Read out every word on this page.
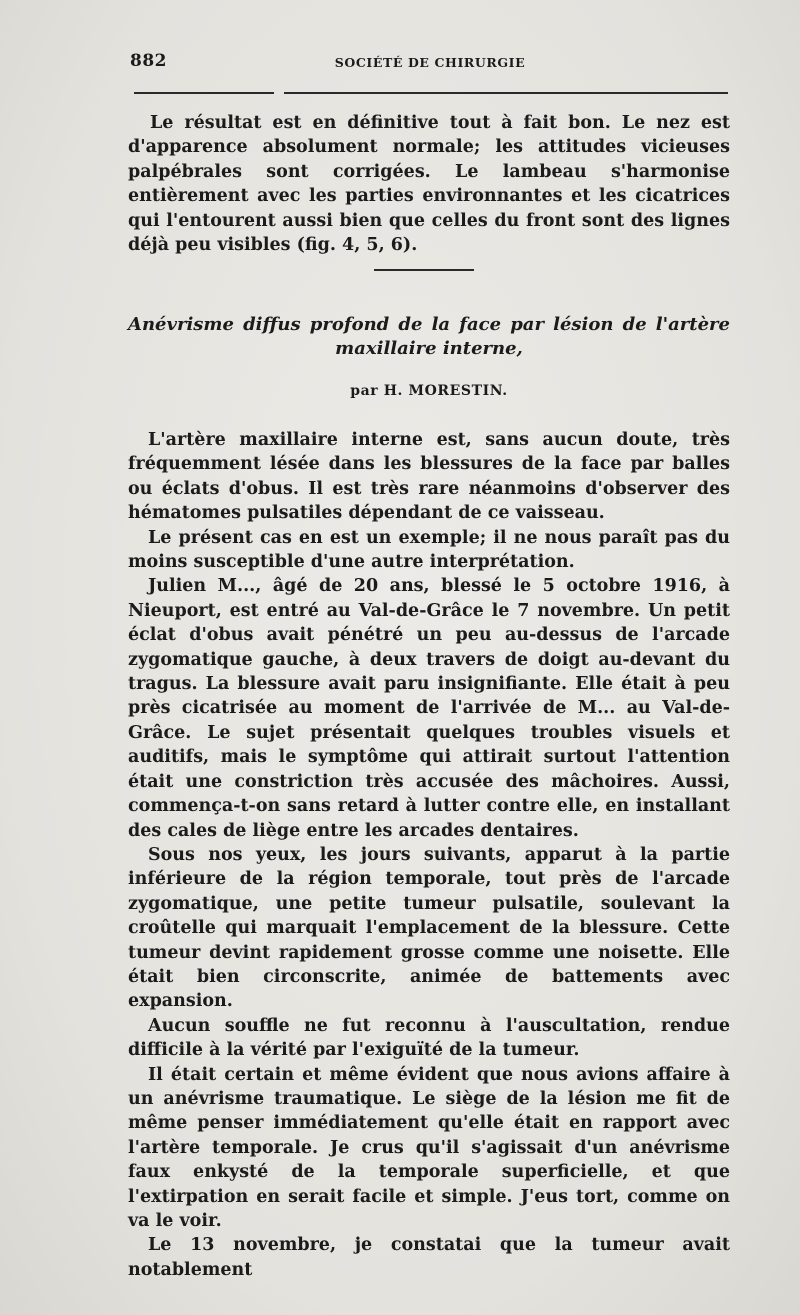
882	SOCIÉTÉ DE CHIRURGIE

Le résultat est en définitive tout à fait bon. Le nez est d'apparence absolument normale; les attitudes vicieuses palpébrales sont corrigées. Le lambeau s'harmonise entièrement avec les parties environnantes et les cicatrices qui l'entourent aussi bien que celles du front sont des lignes déjà peu visibles (fig. 4, 5, 6).

Anévrisme diffus profond de la face par lésion de l'artère
maxillaire interne,

par H. MORESTIN.

L'artère maxillaire interne est, sans aucun doute, très fréquemment lésée dans les blessures de la face par balles ou éclats d'obus. Il est très rare néanmoins d'observer des hématomes pulsatiles dépendant de ce vaisseau.

Le présent cas en est un exemple; il ne nous paraît pas du moins susceptible d'une autre interprétation.

Julien M..., âgé de 20 ans, blessé le 5 octobre 1916, à Nieuport, est entré au Val-de-Grâce le 7 novembre. Un petit éclat d'obus avait pénétré un peu au-dessus de l'arcade zygomatique gauche, à deux travers de doigt au-devant du tragus. La blessure avait paru insignifiante. Elle était à peu près cicatrisée au moment de l'arrivée de M... au Val-de-Grâce. Le sujet présentait quelques troubles visuels et auditifs, mais le symptôme qui attirait surtout l'attention était une constriction très accusée des mâchoires. Aussi, commença-t-on sans retard à lutter contre elle, en installant des cales de liège entre les arcades dentaires.

Sous nos yeux, les jours suivants, apparut à la partie inférieure de la région temporale, tout près de l'arcade zygomatique, une petite tumeur pulsatile, soulevant la croûtelle qui marquait l'emplacement de la blessure. Cette tumeur devint rapidement grosse comme une noisette. Elle était bien circonscrite, animée de battements avec expansion.

Aucun souffle ne fut reconnu à l'auscultation, rendue difficile à la vérité par l'exiguïté de la tumeur.

Il était certain et même évident que nous avions affaire à un anévrisme traumatique. Le siège de la lésion me fit de même penser immédiatement qu'elle était en rapport avec l'artère temporale. Je crus qu'il s'agissait d'un anévrisme faux enkysté de la temporale superficielle, et que l'extirpation en serait facile et simple. J'eus tort, comme on va le voir.

Le 13 novembre, je constatai que la tumeur avait notablement
